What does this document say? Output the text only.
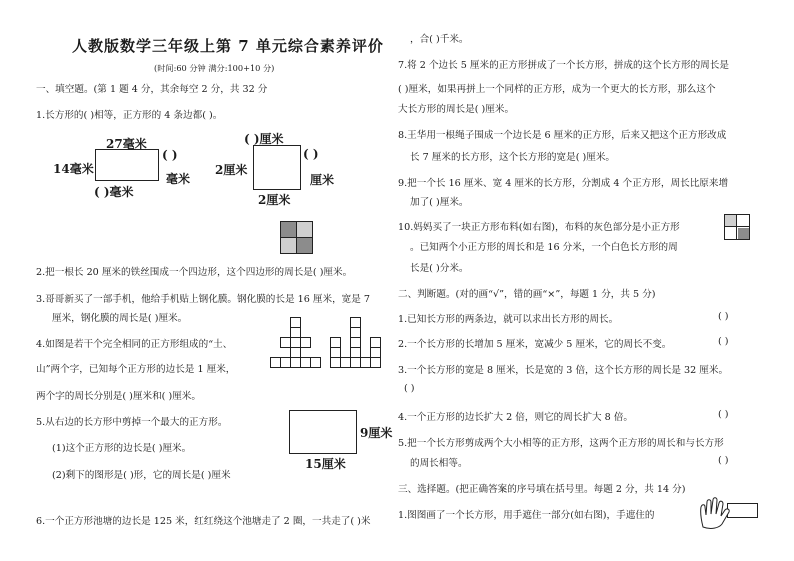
人教版数学三年级上第 7 单元综合素养评价
(时间:60 分钟 满分:100+10 分)
一、填空题。(第 1 题 4 分，其余每空 2 分，共 32 分
1.长方形的( )相等，正方形的 4 条边都( )。
27毫米
14毫米
( )
毫米
( )毫米
( )厘米
2厘米
( )
厘米
2厘米
2.把一根长 20 厘米的铁丝围成一个四边形，这个四边形的周长是( )厘米。
3.哥哥新买了一部手机，他给手机贴上钢化膜。钢化膜的长是 16 厘米，宽是 7
厘米，钢化膜的周长是( )厘米。
4.如图是若干个完全相同的正方形组成的“土、
山”两个字，已知每个正方形的边长是 1 厘米，
两个字的周长分别是( )厘米和( )厘米。
5.从右边的长方形中剪掉一个最大的正方形。
(1)这个正方形的边长是( )厘米。
(2)剩下的图形是( )形，它的周长是( )厘米
9厘米
15厘米
6.一个正方形池塘的边长是 125 米，红红绕这个池塘走了 2 圈，一共走了( )米
，合( )千米。
7.将 2 个边长 5 厘米的正方形拼成了一个长方形，拼成的这个长方形的周长是
( )厘米，如果再拼上一个同样的正方形，成为一个更大的长方形，那么这个
大长方形的周长是( )厘米。
8.王华用一根绳子围成一个边长是 6 厘米的正方形，后来又把这个正方形改成
长 7 厘米的长方形，这个长方形的宽是( )厘米。
9.把一个长 16 厘米、宽 4 厘米的长方形，分割成 4 个正方形，周长比原来增
加了( )厘米。
10.妈妈买了一块正方形布料(如右图)，布料的灰色部分是小正方形
。已知两个小正方形的周长和是 16 分米，一个白色长方形的周
长是( )分米。
二、判断题。(对的画“√”，错的画“×”，每题 1 分，共 5 分)
1.已知长方形的两条边，就可以求出长方形的周长。	( )
2.一个长方形的长增加 5 厘米，宽减少 5 厘米，它的周长不变。	( )
3.一个长方形的宽是 8 厘米，长是宽的 3 倍，这个长方形的周长是 32 厘米。
( )
4.一个正方形的边长扩大 2 倍，则它的周长扩大 8 倍。	( )
5.把一个长方形剪成两个大小相等的正方形，这两个正方形的周长和与长方形
的周长相等。	( )
三、选择题。(把正确答案的序号填在括号里。每题 2 分，共 14 分)
1.图图画了一个长方形，用手遮住一部分(如右图)，手遮住的
